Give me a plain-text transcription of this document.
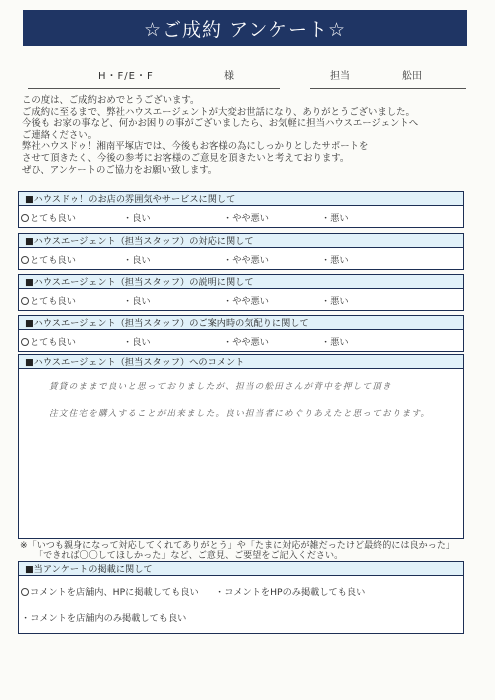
☆ご成約 アンケート☆
H・F/E・F	様	担当	舩田
この度は、ご成約おめでとうございます。
ご成約に至るまで、弊社ハウスエージェントが大変お世話になり、ありがとうございました。
今後も お家の事など、何かお困りの事がございましたら、お気軽に担当ハウスエージェントへ
ご連絡ください。
弊社ハウスドゥ！湘南平塚店では、今後もお客様の為にしっかりとしたサポートを
させて頂きたく、今後の参考にお客様のご意見を頂きたいと考えております。
ぜひ、アンケートのご協力をお願い致します。
■ハウスドゥ！のお店の雰囲気やサービスに関して
とても良い	・良い	・やや悪い	・悪い
■ハウスエージェント（担当スタッフ）の対応に関して
とても良い	・良い	・やや悪い	・悪い
■ハウスエージェント（担当スタッフ）の説明に関して
とても良い	・良い	・やや悪い	・悪い
■ハウスエージェント（担当スタッフ）のご案内時の気配りに関して
とても良い	・良い	・やや悪い	・悪い
■ハウスエージェント（担当スタッフ）へのコメント
賃貸のままで良いと思っておりましたが、担当の舩田さんが背中を押して頂き
注文住宅を購入することが出来ました。良い担当者にめぐりあえたと思っております。
※「いつも親身になって対応してくれてありがとう」や「たまに対応が雑だったけど最終的には良かった」
「できれば〇〇してほしかった」など、ご意見、ご要望をご記入ください。
■当アンケートの掲載に関して
コメントを店舗内、HPに掲載しても良い ・コメントをHPのみ掲載しても良い
・コメントを店舗内のみ掲載しても良い
